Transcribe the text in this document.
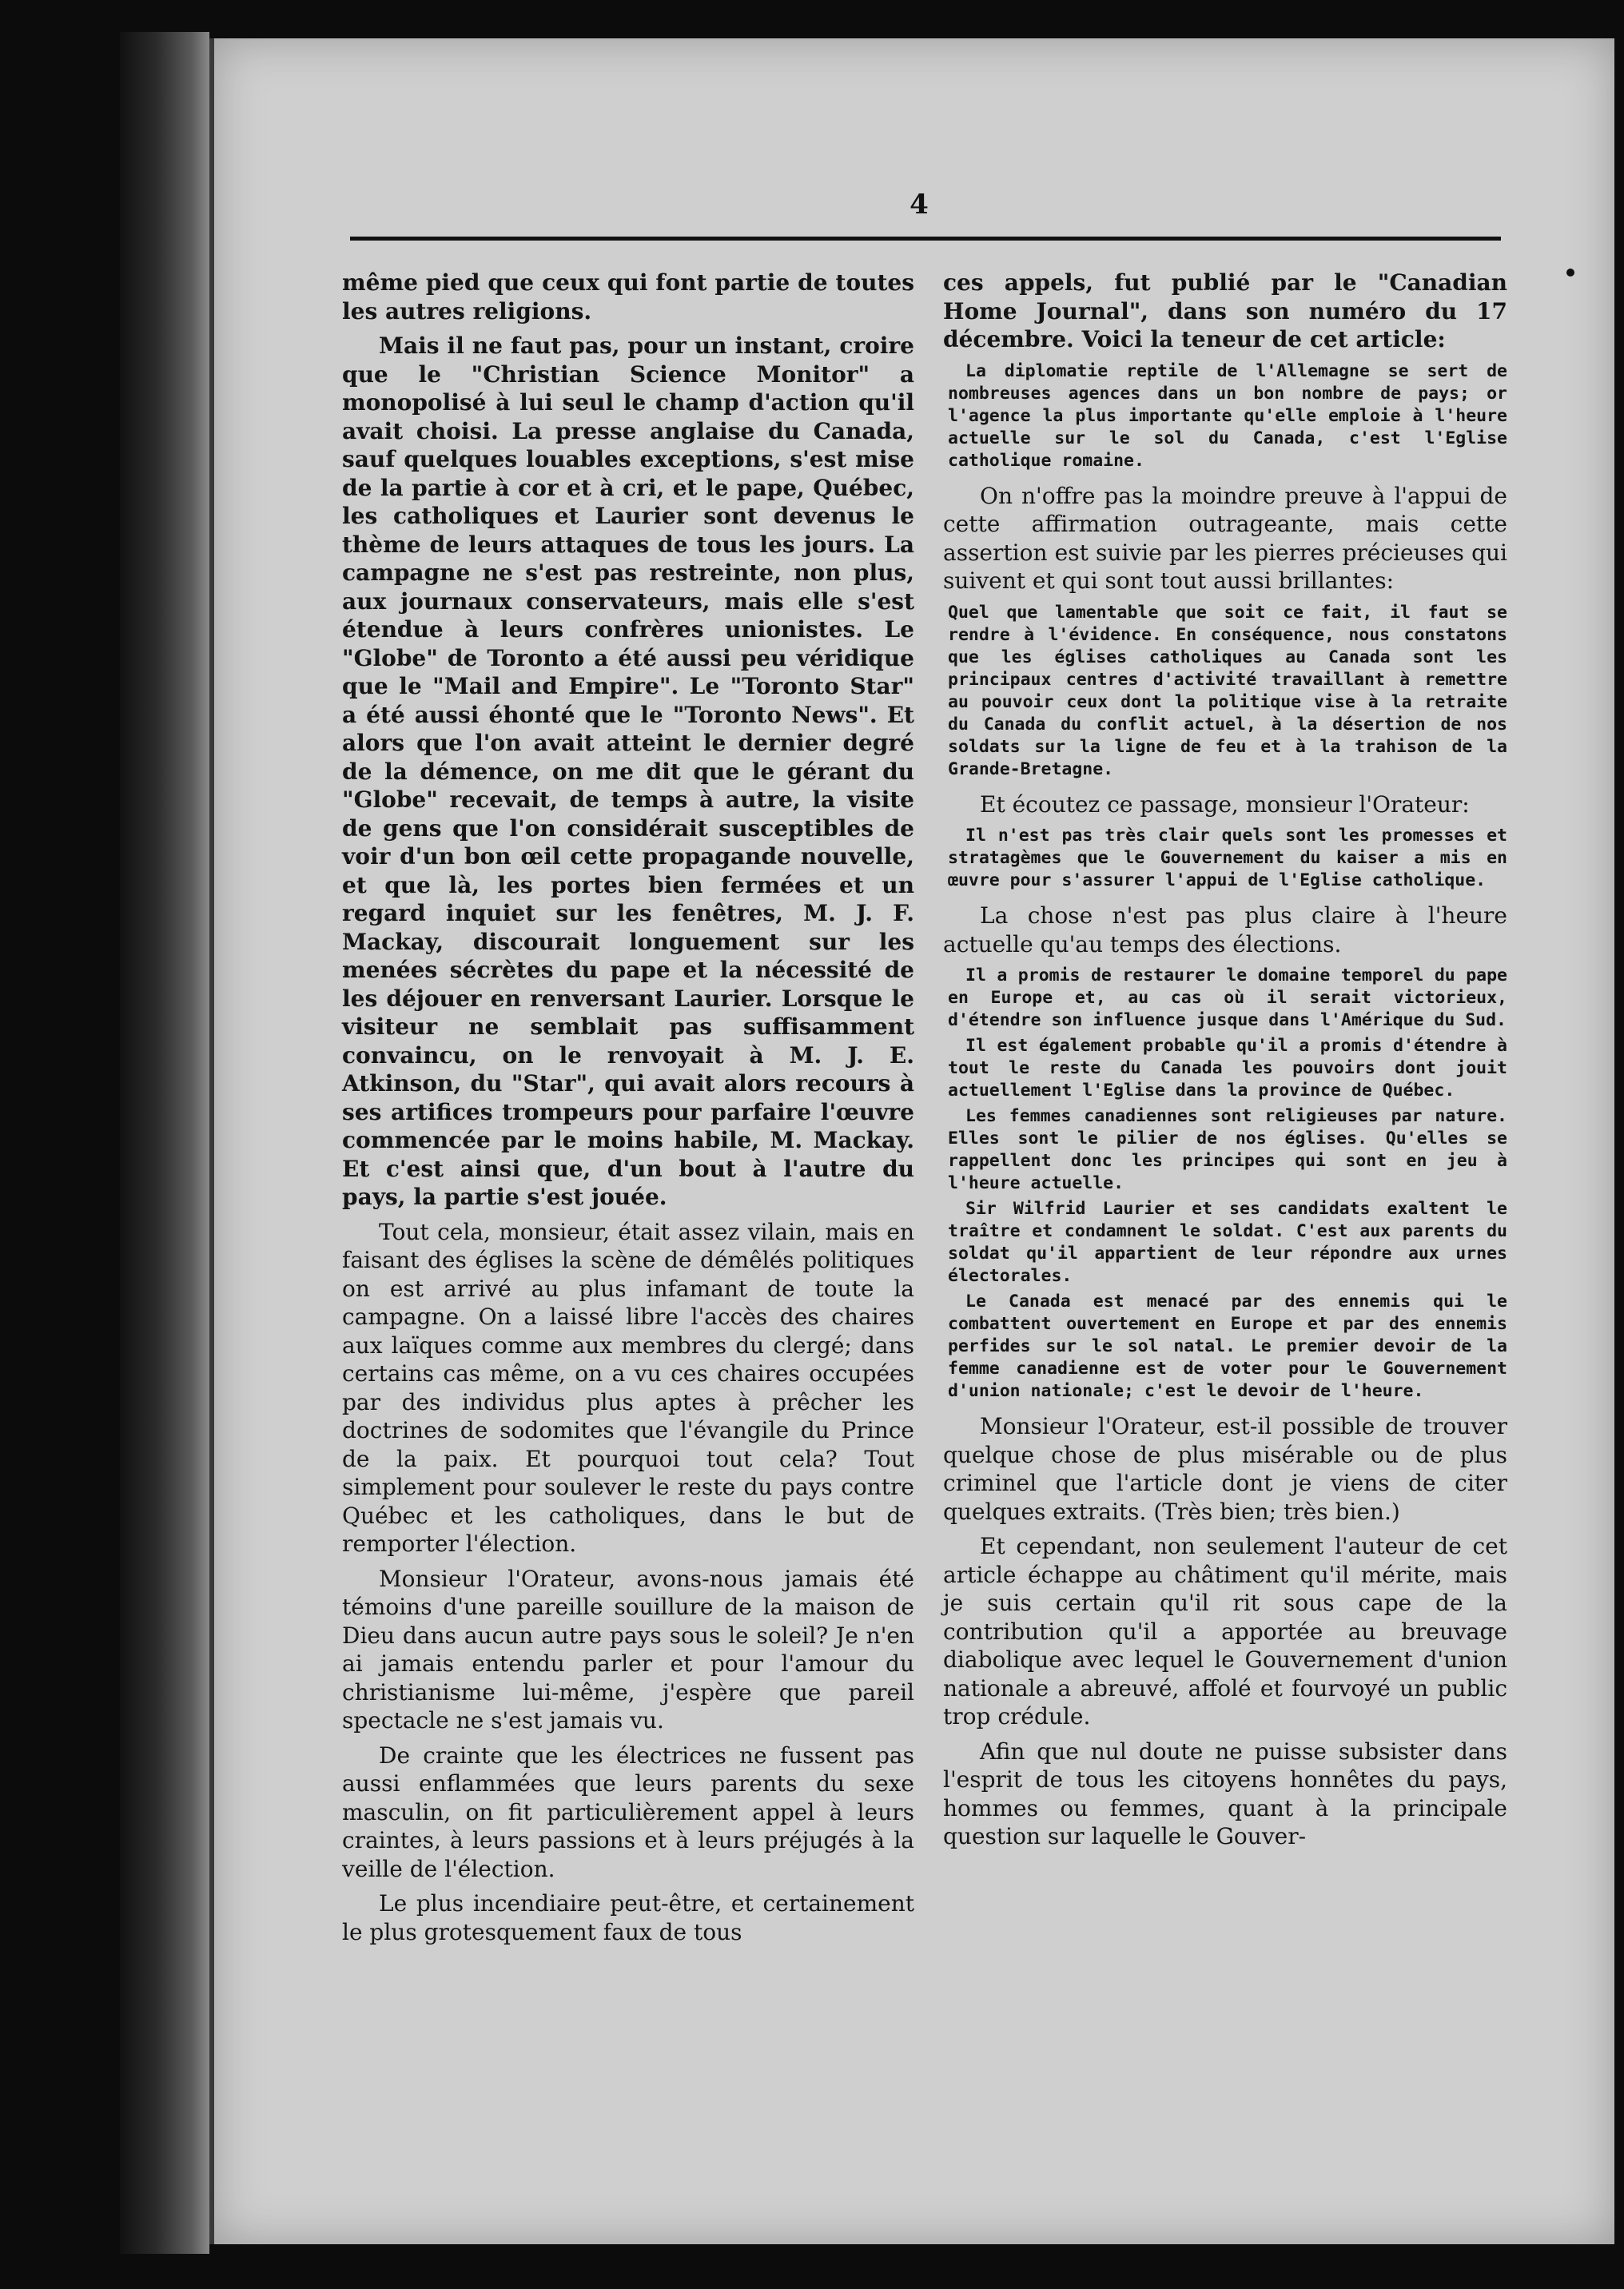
4

même pied que ceux qui font partie de toutes les autres religions.

Mais il ne faut pas, pour un instant, croire que le "Christian Science Monitor" a monopolisé à lui seul le champ d'action qu'il avait choisi. La presse anglaise du Canada, sauf quelques louables exceptions, s'est mise de la partie à cor et à cri, et le pape, Québec, les catholiques et Laurier sont devenus le thème de leurs attaques de tous les jours. La campagne ne s'est pas restreinte, non plus, aux journaux conservateurs, mais elle s'est étendue à leurs confrères unionistes. Le "Globe" de Toronto a été aussi peu véridique que le "Mail and Empire". Le "Toronto Star" a été aussi éhonté que le "Toronto News". Et alors que l'on avait atteint le dernier degré de la démence, on me dit que le gérant du "Globe" recevait, de temps à autre, la visite de gens que l'on considérait susceptibles de voir d'un bon œil cette propagande nouvelle, et que là, les portes bien fermées et un regard inquiet sur les fenêtres, M. J. F. Mackay, discourait longuement sur les menées sécrètes du pape et la nécessité de les déjouer en renversant Laurier. Lorsque le visiteur ne semblait pas suffisamment convaincu, on le renvoyait à M. J. E. Atkinson, du "Star", qui avait alors recours à ses artifices trompeurs pour parfaire l'œuvre commencée par le moins habile, M. Mackay. Et c'est ainsi que, d'un bout à l'autre du pays, la partie s'est jouée.

Tout cela, monsieur, était assez vilain, mais en faisant des églises la scène de démêlés politiques on est arrivé au plus infamant de toute la campagne. On a laissé libre l'accès des chaires aux laïques comme aux membres du clergé; dans certains cas même, on a vu ces chaires occupées par des individus plus aptes à prêcher les doctrines de sodomites que l'évangile du Prince de la paix. Et pourquoi tout cela? Tout simplement pour soulever le reste du pays contre Québec et les catholiques, dans le but de remporter l'élection.

Monsieur l'Orateur, avons-nous jamais été témoins d'une pareille souillure de la maison de Dieu dans aucun autre pays sous le soleil? Je n'en ai jamais entendu parler et pour l'amour du christianisme lui-même, j'espère que pareil spectacle ne s'est jamais vu.

De crainte que les électrices ne fussent pas aussi enflammées que leurs parents du sexe masculin, on fit particulièrement appel à leurs craintes, à leurs passions et à leurs préjugés à la veille de l'élection.

Le plus incendiaire peut-être, et certainement le plus grotesquement faux de tous

ces appels, fut publié par le "Canadian Home Journal", dans son numéro du 17 décembre. Voici la teneur de cet article:

La diplomatie reptile de l'Allemagne se sert de nombreuses agences dans un bon nombre de pays; or l'agence la plus importante qu'elle emploie à l'heure actuelle sur le sol du Canada, c'est l'Eglise catholique romaine.

On n'offre pas la moindre preuve à l'appui de cette affirmation outrageante, mais cette assertion est suivie par les pierres précieuses qui suivent et qui sont tout aussi brillantes:

Quel que lamentable que soit ce fait, il faut se rendre à l'évidence. En conséquence, nous constatons que les églises catholiques au Canada sont les principaux centres d'activité travaillant à remettre au pouvoir ceux dont la politique vise à la retraite du Canada du conflit actuel, à la désertion de nos soldats sur la ligne de feu et à la trahison de la Grande-Bretagne.

Et écoutez ce passage, monsieur l'Orateur:

Il n'est pas très clair quels sont les promesses et stratagèmes que le Gouvernement du kaiser a mis en œuvre pour s'assurer l'appui de l'Eglise catholique.

La chose n'est pas plus claire à l'heure actuelle qu'au temps des élections.

Il a promis de restaurer le domaine temporel du pape en Europe et, au cas où il serait victorieux, d'étendre son influence jusque dans l'Amérique du Sud.

Il est également probable qu'il a promis d'étendre à tout le reste du Canada les pouvoirs dont jouit actuellement l'Eglise dans la province de Québec.

Les femmes canadiennes sont religieuses par nature. Elles sont le pilier de nos églises. Qu'elles se rappellent donc les principes qui sont en jeu à l'heure actuelle.

Sir Wilfrid Laurier et ses candidats exaltent le traître et condamnent le soldat. C'est aux parents du soldat qu'il appartient de leur répondre aux urnes électorales.

Le Canada est menacé par des ennemis qui le combattent ouvertement en Europe et par des ennemis perfides sur le sol natal. Le premier devoir de la femme canadienne est de voter pour le Gouvernement d'union nationale; c'est le devoir de l'heure.

Monsieur l'Orateur, est-il possible de trouver quelque chose de plus misérable ou de plus criminel que l'article dont je viens de citer quelques extraits. (Très bien; très bien.)

Et cependant, non seulement l'auteur de cet article échappe au châtiment qu'il mérite, mais je suis certain qu'il rit sous cape de la contribution qu'il a apportée au breuvage diabolique avec lequel le Gouvernement d'union nationale a abreuvé, affolé et fourvoyé un public trop crédule.

Afin que nul doute ne puisse subsister dans l'esprit de tous les citoyens honnêtes du pays, hommes ou femmes, quant à la principale question sur laquelle le Gouver-
